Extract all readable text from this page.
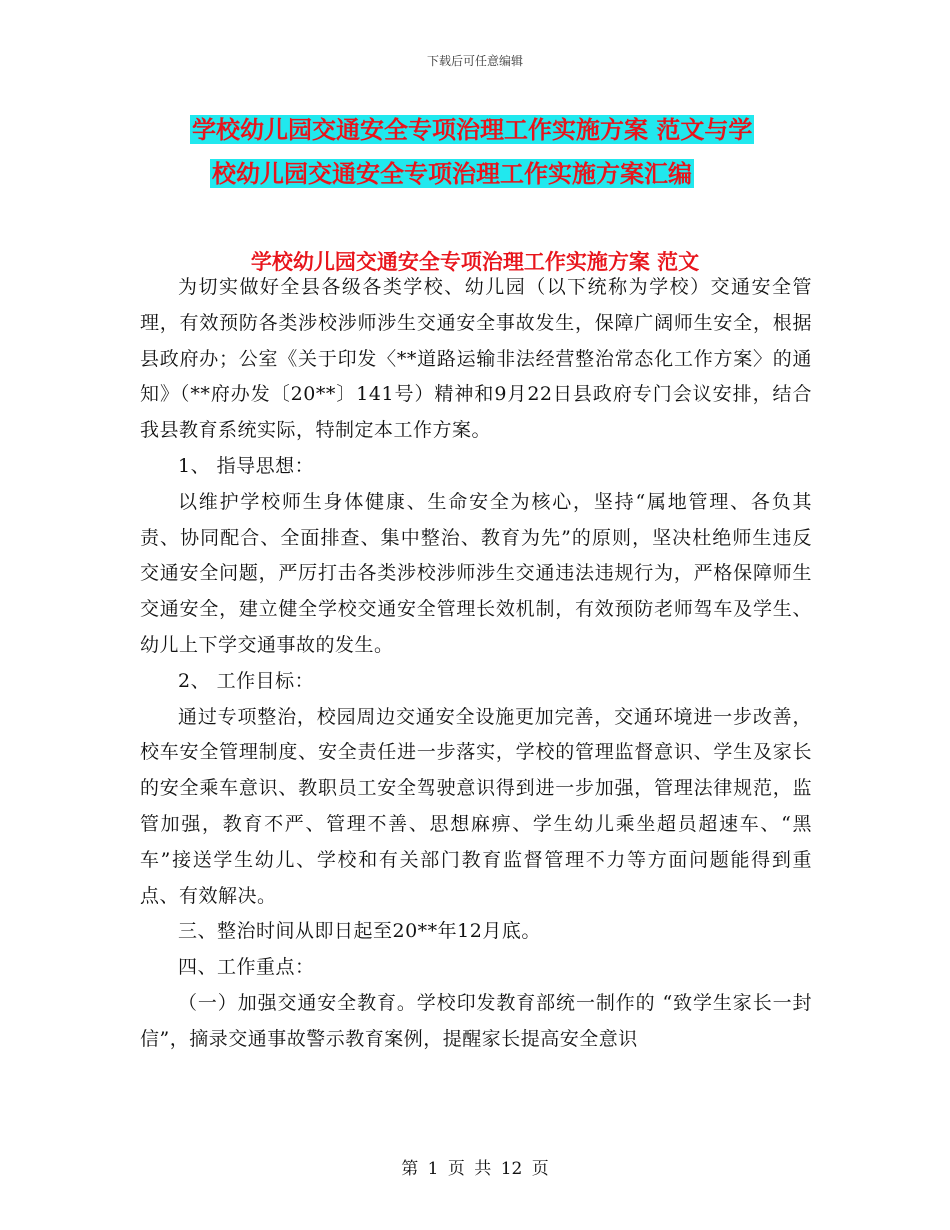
下载后可任意编辑
学校幼儿园交通安全专项治理工作实施方案 范文与学
校幼儿园交通安全专项治理工作实施方案汇编
学校幼儿园交通安全专项治理工作实施方案 范文

为切实做好全县各级各类学校、幼儿园（以下统称为学校）交通安全管理，有效预防各类涉校涉师涉生交通安全事故发生，保障广阔师生安全，根据县政府办；公室《关于印发〈**道路运输非法经营整治常态化工作方案〉的通知》（**府办发〔20**〕141号）精神和9月22日县政府专门会议安排，结合我县教育系统实际，特制定本工作方案。

1、 指导思想：

以维护学校师生身体健康、生命安全为核心，坚持“属地管理、各负其责、协同配合、全面排查、集中整治、教育为先”的原则，坚决杜绝师生违反交通安全问题，严厉打击各类涉校涉师涉生交通违法违规行为，严格保障师生交通安全，建立健全学校交通安全管理长效机制，有效预防老师驾车及学生、幼儿上下学交通事故的发生。

2、 工作目标：

通过专项整治，校园周边交通安全设施更加完善，交通环境进一步改善，校车安全管理制度、安全责任进一步落实，学校的管理监督意识、学生及家长的安全乘车意识、教职员工安全驾驶意识得到进一步加强，管理法律规范，监管加强，教育不严、管理不善、思想麻痹、学生幼儿乘坐超员超速车、“黑车”接送学生幼儿、学校和有关部门教育监督管理不力等方面问题能得到重点、有效解决。

三、整治时间从即日起至20**年12月底。

四、工作重点：

（一）加强交通安全教育。学校印发教育部统一制作的 “致学生家长一封信”，摘录交通事故警示教育案例，提醒家长提高安全意识

第 1 页 共 12 页
